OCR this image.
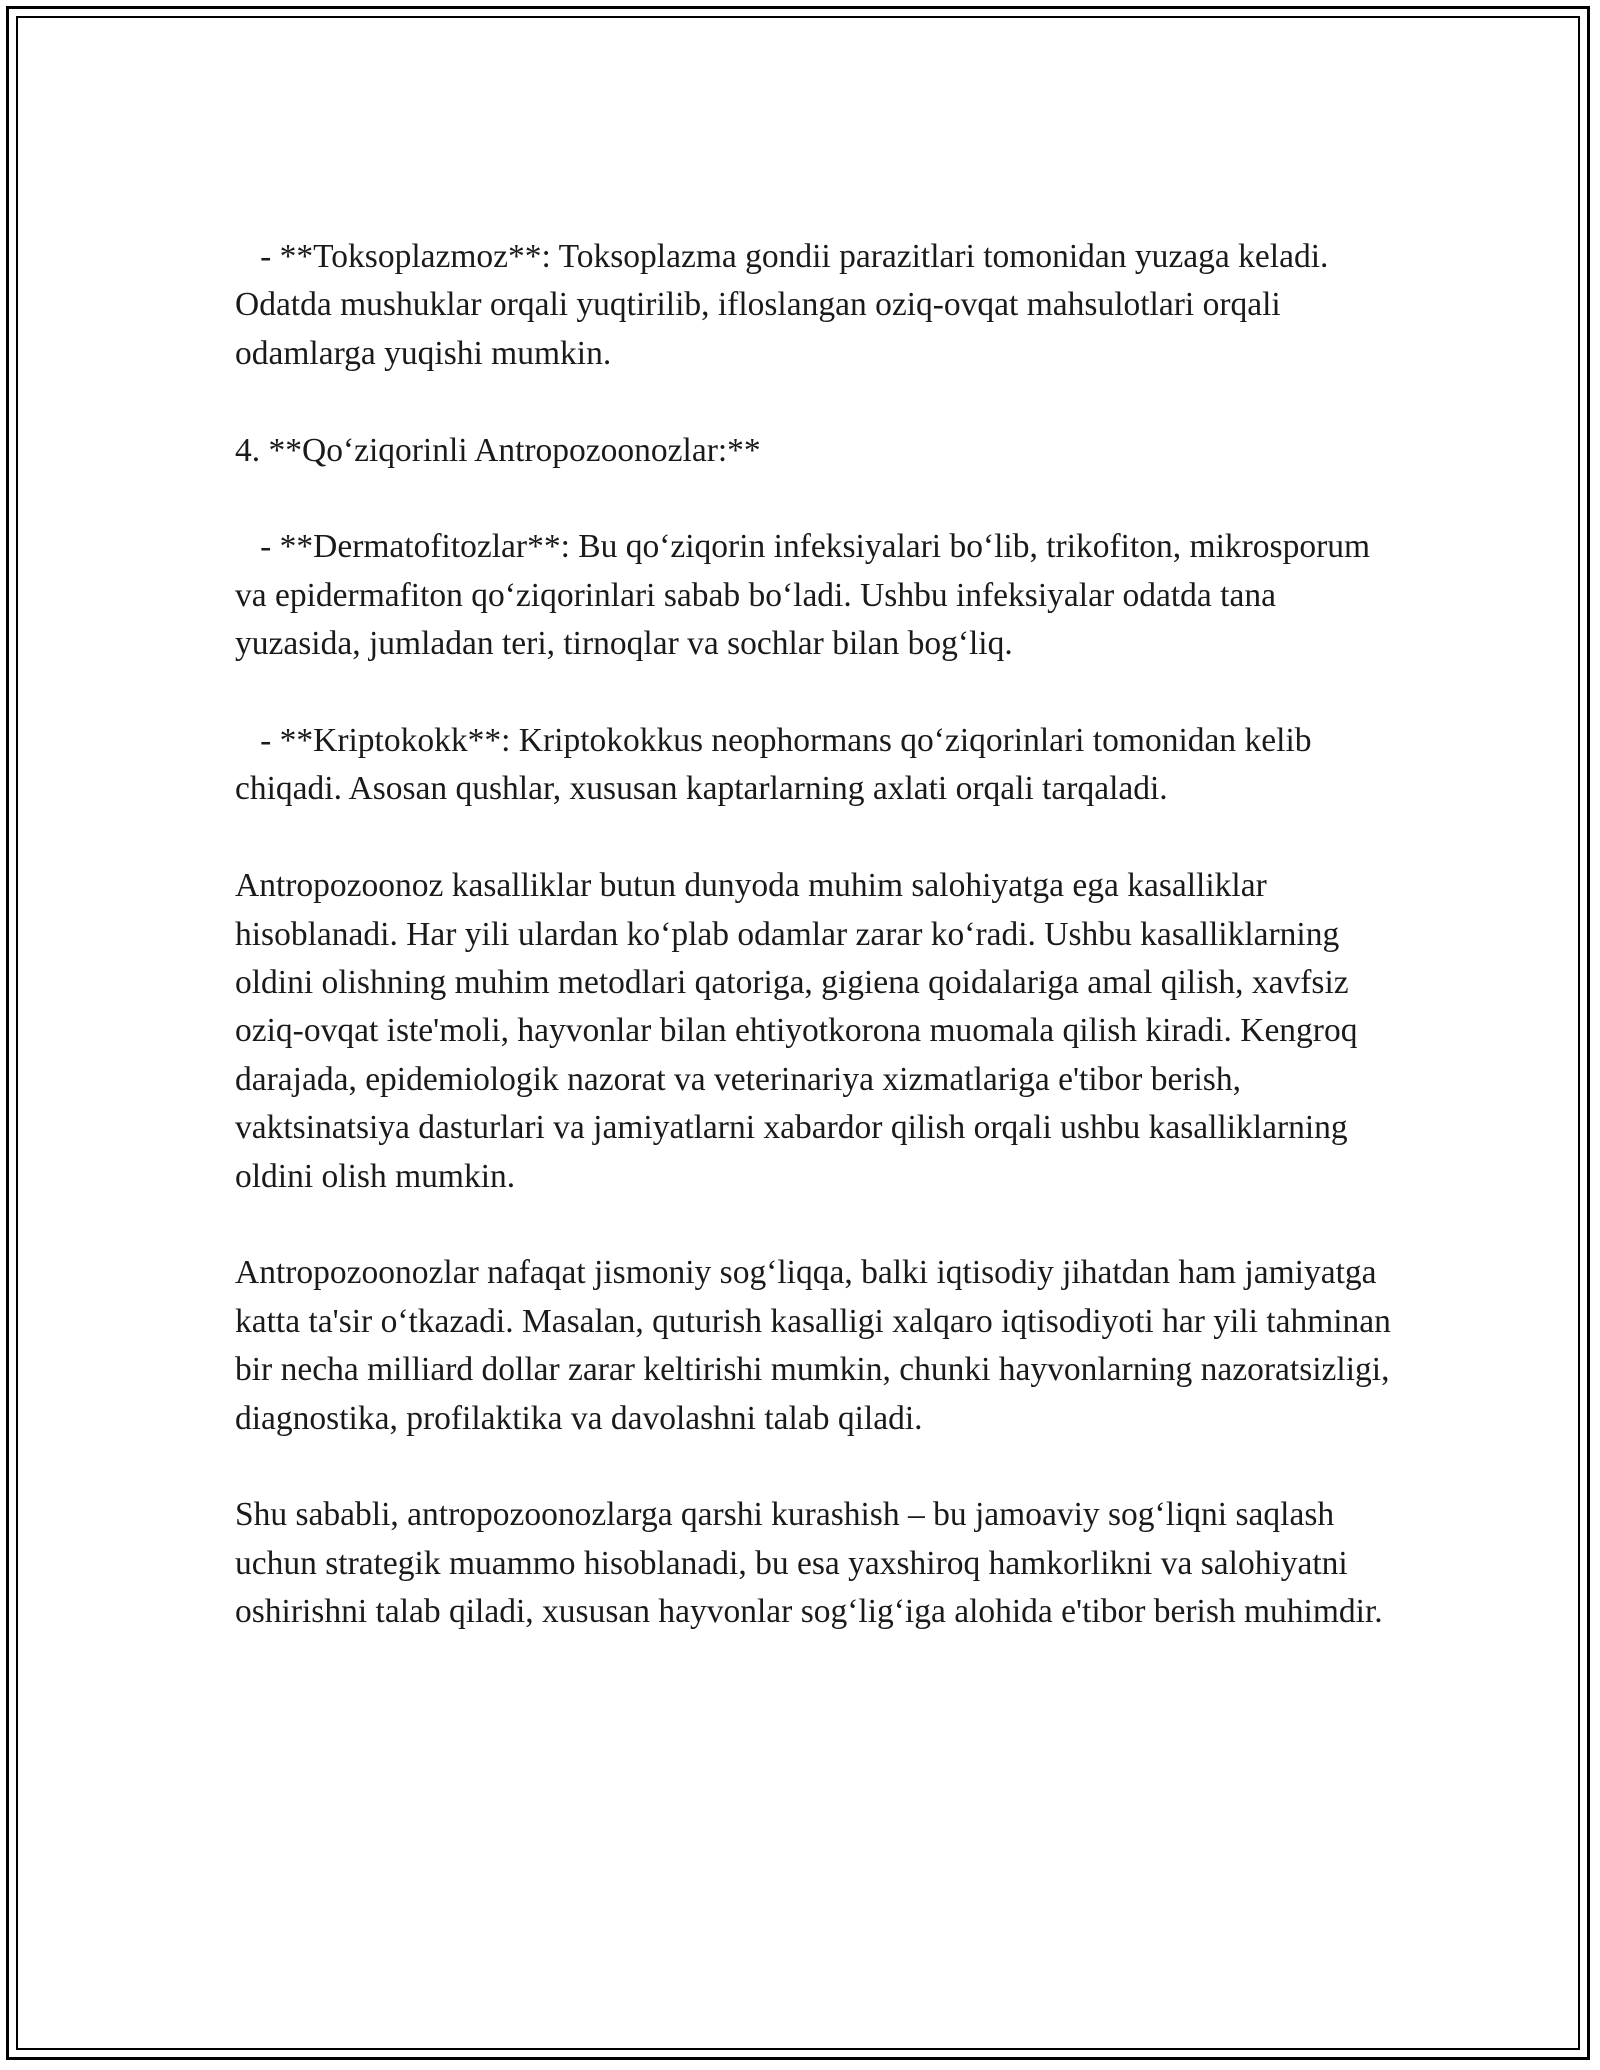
- **Toksoplazmoz**: Toksoplazma gondii parazitlari tomonidan yuzaga keladi. Odatda mushuklar orqali yuqtirilib, ifloslangan oziq-ovqat mahsulotlari orqali odamlarga yuqishi mumkin.

4. **Qo‘ziqorinli Antropozoonozlar:**

- **Dermatofitozlar**: Bu qo‘ziqorin infeksiyalari bo‘lib, trikofiton, mikrosporum va epidermafiton qo‘ziqorinlari sabab bo‘ladi. Ushbu infeksiyalar odatda tana yuzasida, jumladan teri, tirnoqlar va sochlar bilan bog‘liq.

- **Kriptokokk**: Kriptokokkus neophormans qo‘ziqorinlari tomonidan kelib chiqadi. Asosan qushlar, xususan kaptarlarning axlati orqali tarqaladi.

Antropozoonoz kasalliklar butun dunyoda muhim salohiyatga ega kasalliklar hisoblanadi. Har yili ulardan ko‘plab odamlar zarar ko‘radi. Ushbu kasalliklarning oldini olishning muhim metodlari qatoriga, gigiena qoidalariga amal qilish, xavfsiz oziq-ovqat iste'moli, hayvonlar bilan ehtiyotkorona muomala qilish kiradi. Kengroq darajada, epidemiologik nazorat va veterinariya xizmatlariga e'tibor berish, vaktsinatsiya dasturlari va jamiyatlarni xabardor qilish orqali ushbu kasalliklarning oldini olish mumkin.

Antropozoonozlar nafaqat jismoniy sog‘liqqa, balki iqtisodiy jihatdan ham jamiyatga katta ta'sir o‘tkazadi. Masalan, quturish kasalligi xalqaro iqtisodiyoti har yili tahminan bir necha milliard dollar zarar keltirishi mumkin, chunki hayvonlarning nazoratsizligi, diagnostika, profilaktika va davolashni talab qiladi.

Shu sababli, antropozoonozlarga qarshi kurashish – bu jamoaviy sog‘liqni saqlash uchun strategik muammo hisoblanadi, bu esa yaxshiroq hamkorlikni va salohiyatni oshirishni talab qiladi, xususan hayvonlar sog‘lig‘iga alohida e'tibor berish muhimdir.
